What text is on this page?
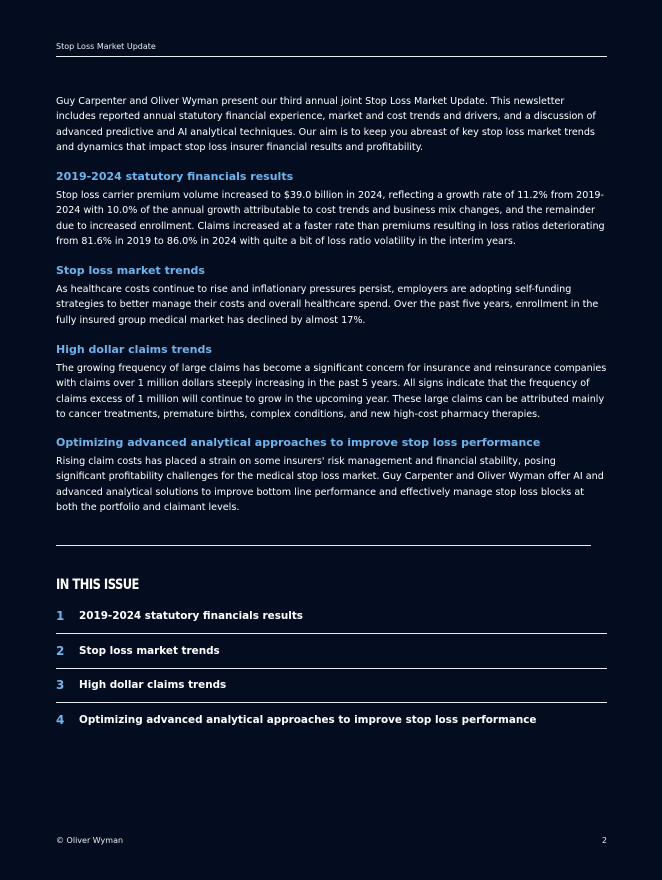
Stop Loss Market Update

Guy Carpenter and Oliver Wyman present our third annual joint Stop Loss Market Update. This newsletter includes reported annual statutory financial experience, market and cost trends and drivers, and a discussion of advanced predictive and AI analytical techniques. Our aim is to keep you abreast of key stop loss market trends and dynamics that impact stop loss insurer financial results and profitability.

2019-2024 statutory financials results

Stop loss carrier premium volume increased to $39.0 billion in 2024, reflecting a growth rate of 11.2% from 2019-2024 with 10.0% of the annual growth attributable to cost trends and business mix changes, and the remainder due to increased enrollment. Claims increased at a faster rate than premiums resulting in loss ratios deteriorating from 81.6% in 2019 to 86.0% in 2024 with quite a bit of loss ratio volatility in the interim years.

Stop loss market trends

As healthcare costs continue to rise and inflationary pressures persist, employers are adopting self-funding strategies to better manage their costs and overall healthcare spend. Over the past five years, enrollment in the fully insured group medical market has declined by almost 17%.

High dollar claims trends

The growing frequency of large claims has become a significant concern for insurance and reinsurance companies with claims over 1 million dollars steeply increasing in the past 5 years. All signs indicate that the frequency of claims excess of 1 million will continue to grow in the upcoming year. These large claims can be attributed mainly to cancer treatments, premature births, complex conditions, and new high-cost pharmacy therapies.

Optimizing advanced analytical approaches to improve stop loss performance

Rising claim costs has placed a strain on some insurers' risk management and financial stability, posing significant profitability challenges for the medical stop loss market. Guy Carpenter and Oliver Wyman offer AI and advanced analytical solutions to improve bottom line performance and effectively manage stop loss blocks at both the portfolio and claimant levels.

IN THIS ISSUE
1 2019-2024 statutory financials results
2 Stop loss market trends
3 High dollar claims trends
4 Optimizing advanced analytical approaches to improve stop loss performance
© Oliver Wyman	2
